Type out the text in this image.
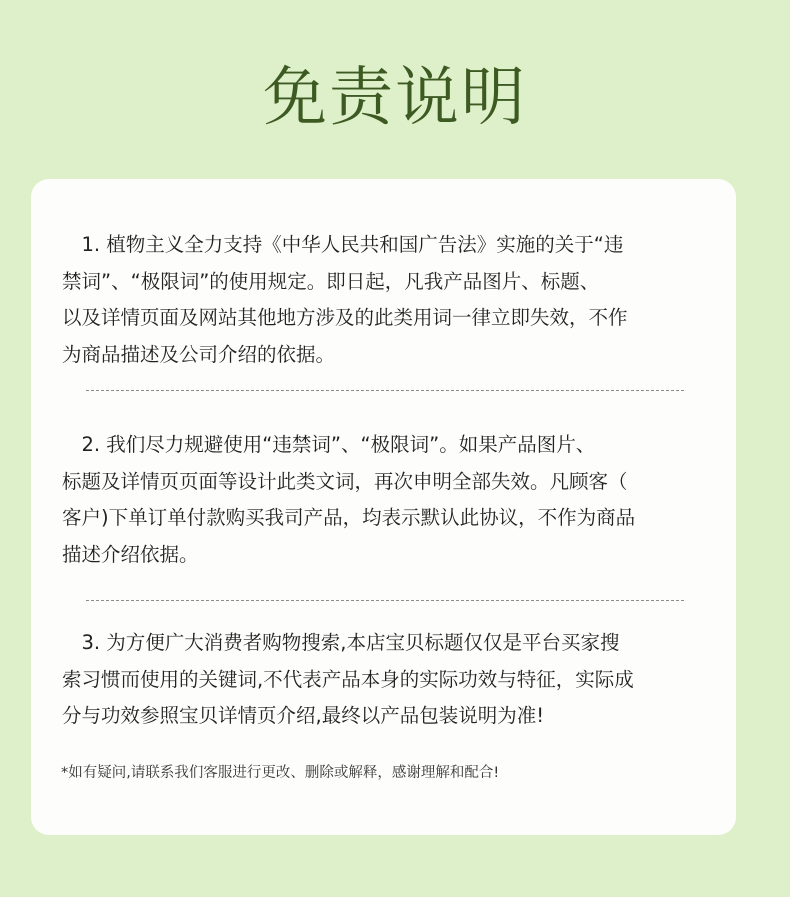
免责说明
　1. 植物主义全力支持《中华人民共和国广告法》实施的关于“违
禁词”、“极限词”的使用规定。即日起，凡我产品图片、标题、
以及详情页面及网站其他地方涉及的此类用词一律立即失效，不作
为商品描述及公司介绍的依据。
　2. 我们尽力规避使用“违禁词”、“极限词”。如果产品图片、
标题及详情页页面等设计此类文词，再次申明全部失效。凡顾客（
客户)下单订单付款购买我司产品，均表示默认此协议，不作为商品
描述介绍依据。
　3. 为方便广大消费者购物搜索,本店宝贝标题仅仅是平台买家搜
索习惯而使用的关键词,不代表产品本身的实际功效与特征，实际成
分与功效参照宝贝详情页介绍,最终以产品包装说明为准!
*如有疑问,请联系我们客服进行更改、删除或解释，感谢理解和配合!
